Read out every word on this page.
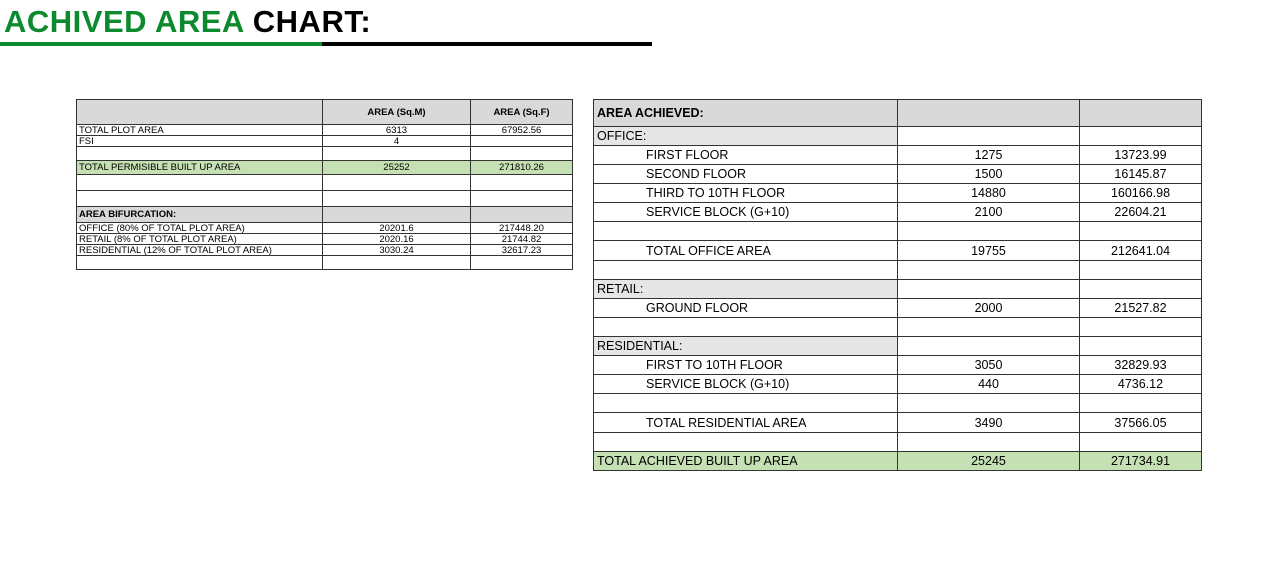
ACHIVED AREA CHART:
	AREA (Sq.M)	AREA (Sq.F)
TOTAL PLOT AREA	6313	67952.56
FSI	4	

TOTAL PERMISIBLE BUILT UP AREA	25252	271810.26

AREA BIFURCATION:		
OFFICE (80% OF TOTAL PLOT AREA)	20201.6	217448.20
RETAIL (8% OF TOTAL PLOT AREA)	2020.16	21744.82
RESIDENTIAL (12% OF TOTAL PLOT AREA)	3030.24	32617.23

AREA ACHIEVED:		
OFFICE:		
FIRST FLOOR	1275	13723.99
SECOND FLOOR	1500	16145.87
THIRD TO 10TH FLOOR	14880	160166.98
SERVICE BLOCK (G+10)	2100	22604.21

TOTAL OFFICE AREA	19755	212641.04

RETAIL:		
GROUND FLOOR	2000	21527.82

RESIDENTIAL:		
FIRST TO 10TH FLOOR	3050	32829.93
SERVICE BLOCK (G+10)	440	4736.12

TOTAL RESIDENTIAL AREA	3490	37566.05

TOTAL ACHIEVED BUILT UP AREA	25245	271734.91
